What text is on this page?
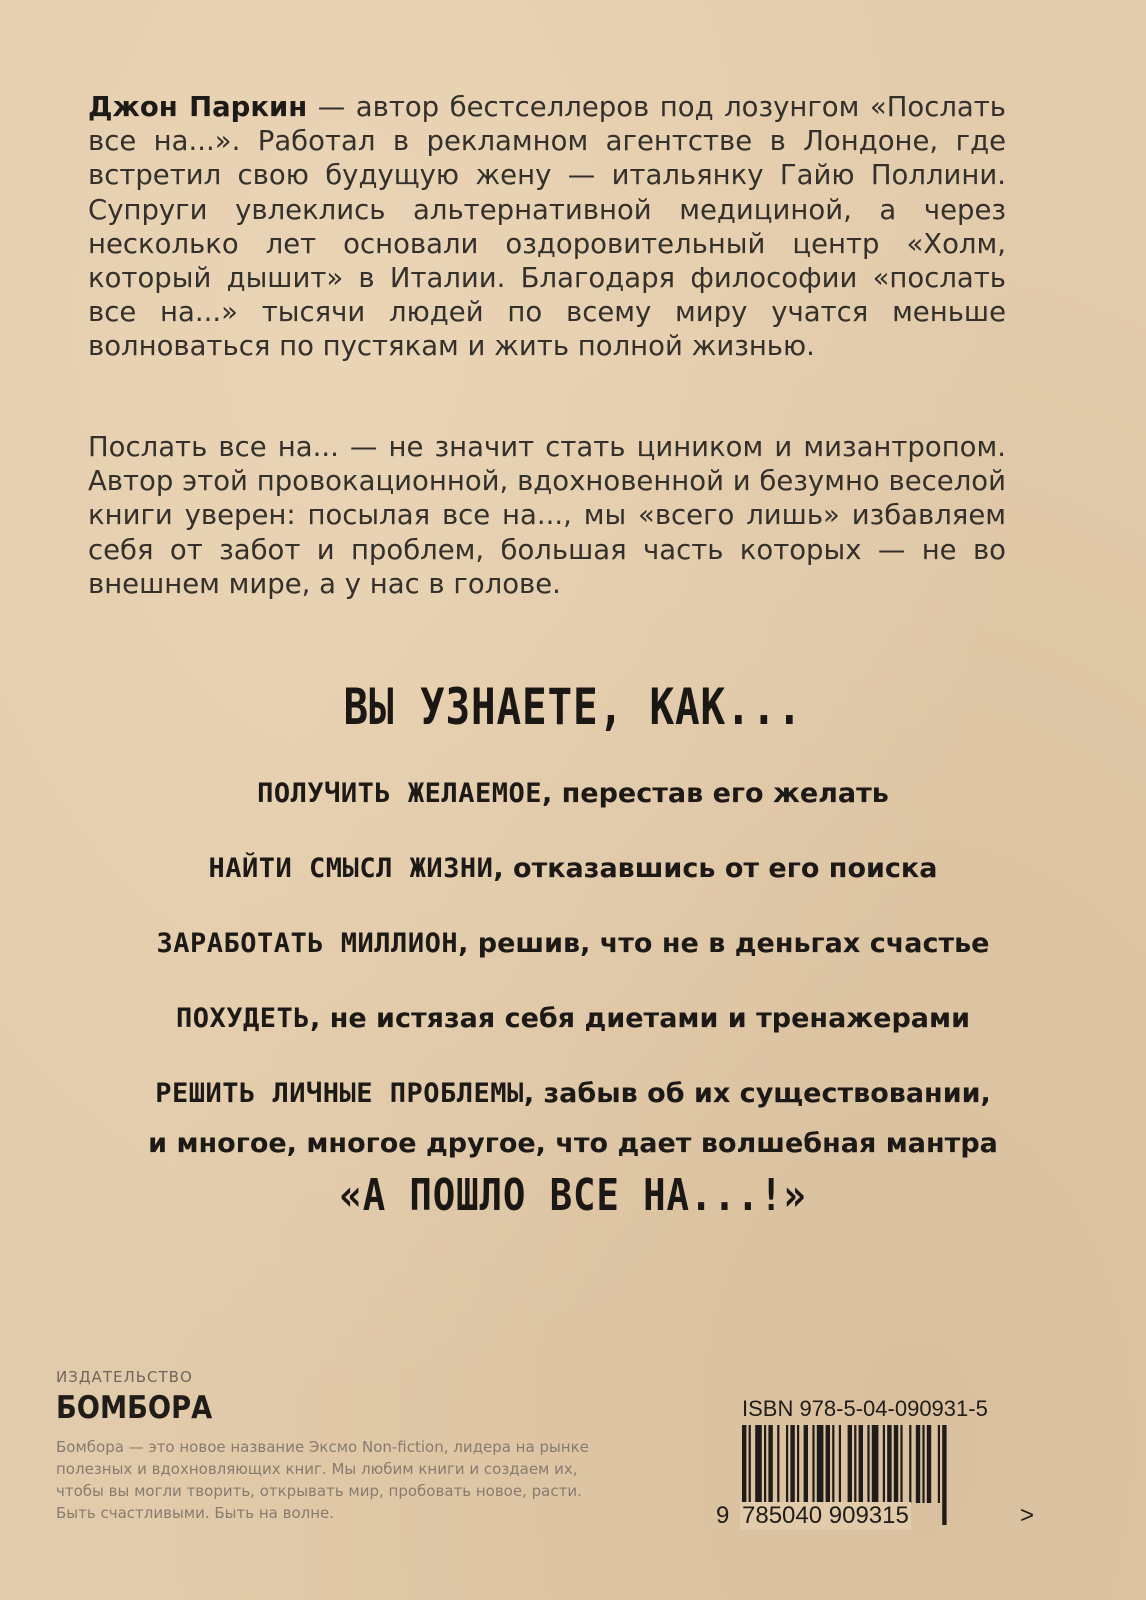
Джон Паркин — автор бестселлеров под лозунгом «Послать все на...». Работал в рекламном агентстве в Лондоне, где встретил свою будущую жену — итальянку Гайю Поллини. Супруги увлеклись альтернативной медициной, а через несколько лет основали оздоровительный центр «Холм, который дышит» в Италии. Благодаря философии «послать все на...» тысячи людей по всему миру учатся меньше волноваться по пустякам и жить полной жизнью.

Послать все на... — не значит стать циником и мизантропом. Автор этой провокационной, вдохновенной и безумно веселой книги уверен: посылая все на..., мы «всего лишь» избавляем себя от забот и проблем, большая часть которых — не во внешнем мире, а у нас в голове.

ВЫ УЗНАЕТЕ, КАК...
ПОЛУЧИТЬ ЖЕЛАЕМОЕ, перестав его желать
НАЙТИ СМЫСЛ ЖИЗНИ, отказавшись от его поиска
ЗАРАБОТАТЬ МИЛЛИОН, решив, что не в деньгах счастье
ПОХУДЕТЬ, не истязая себя диетами и тренажерами
РЕШИТЬ ЛИЧНЫЕ ПРОБЛЕМЫ, забыв об их существовании,
и многое, многое другое, что дает волшебная мантра
«А ПОШЛО ВСЕ НА...!»
ИЗДАТЕЛЬСТВО
БОМБОРА
Бомбора — это новое название Эксмо Non-fiction, лидера на рынке полезных и вдохновляющих книг. Мы любим книги и создаем их, чтобы вы могли творить, открывать мир, пробовать новое, расти. Быть счастливыми. Быть на волне.
ISBN 978-5-04-090931-5
9 785040 909315	>
